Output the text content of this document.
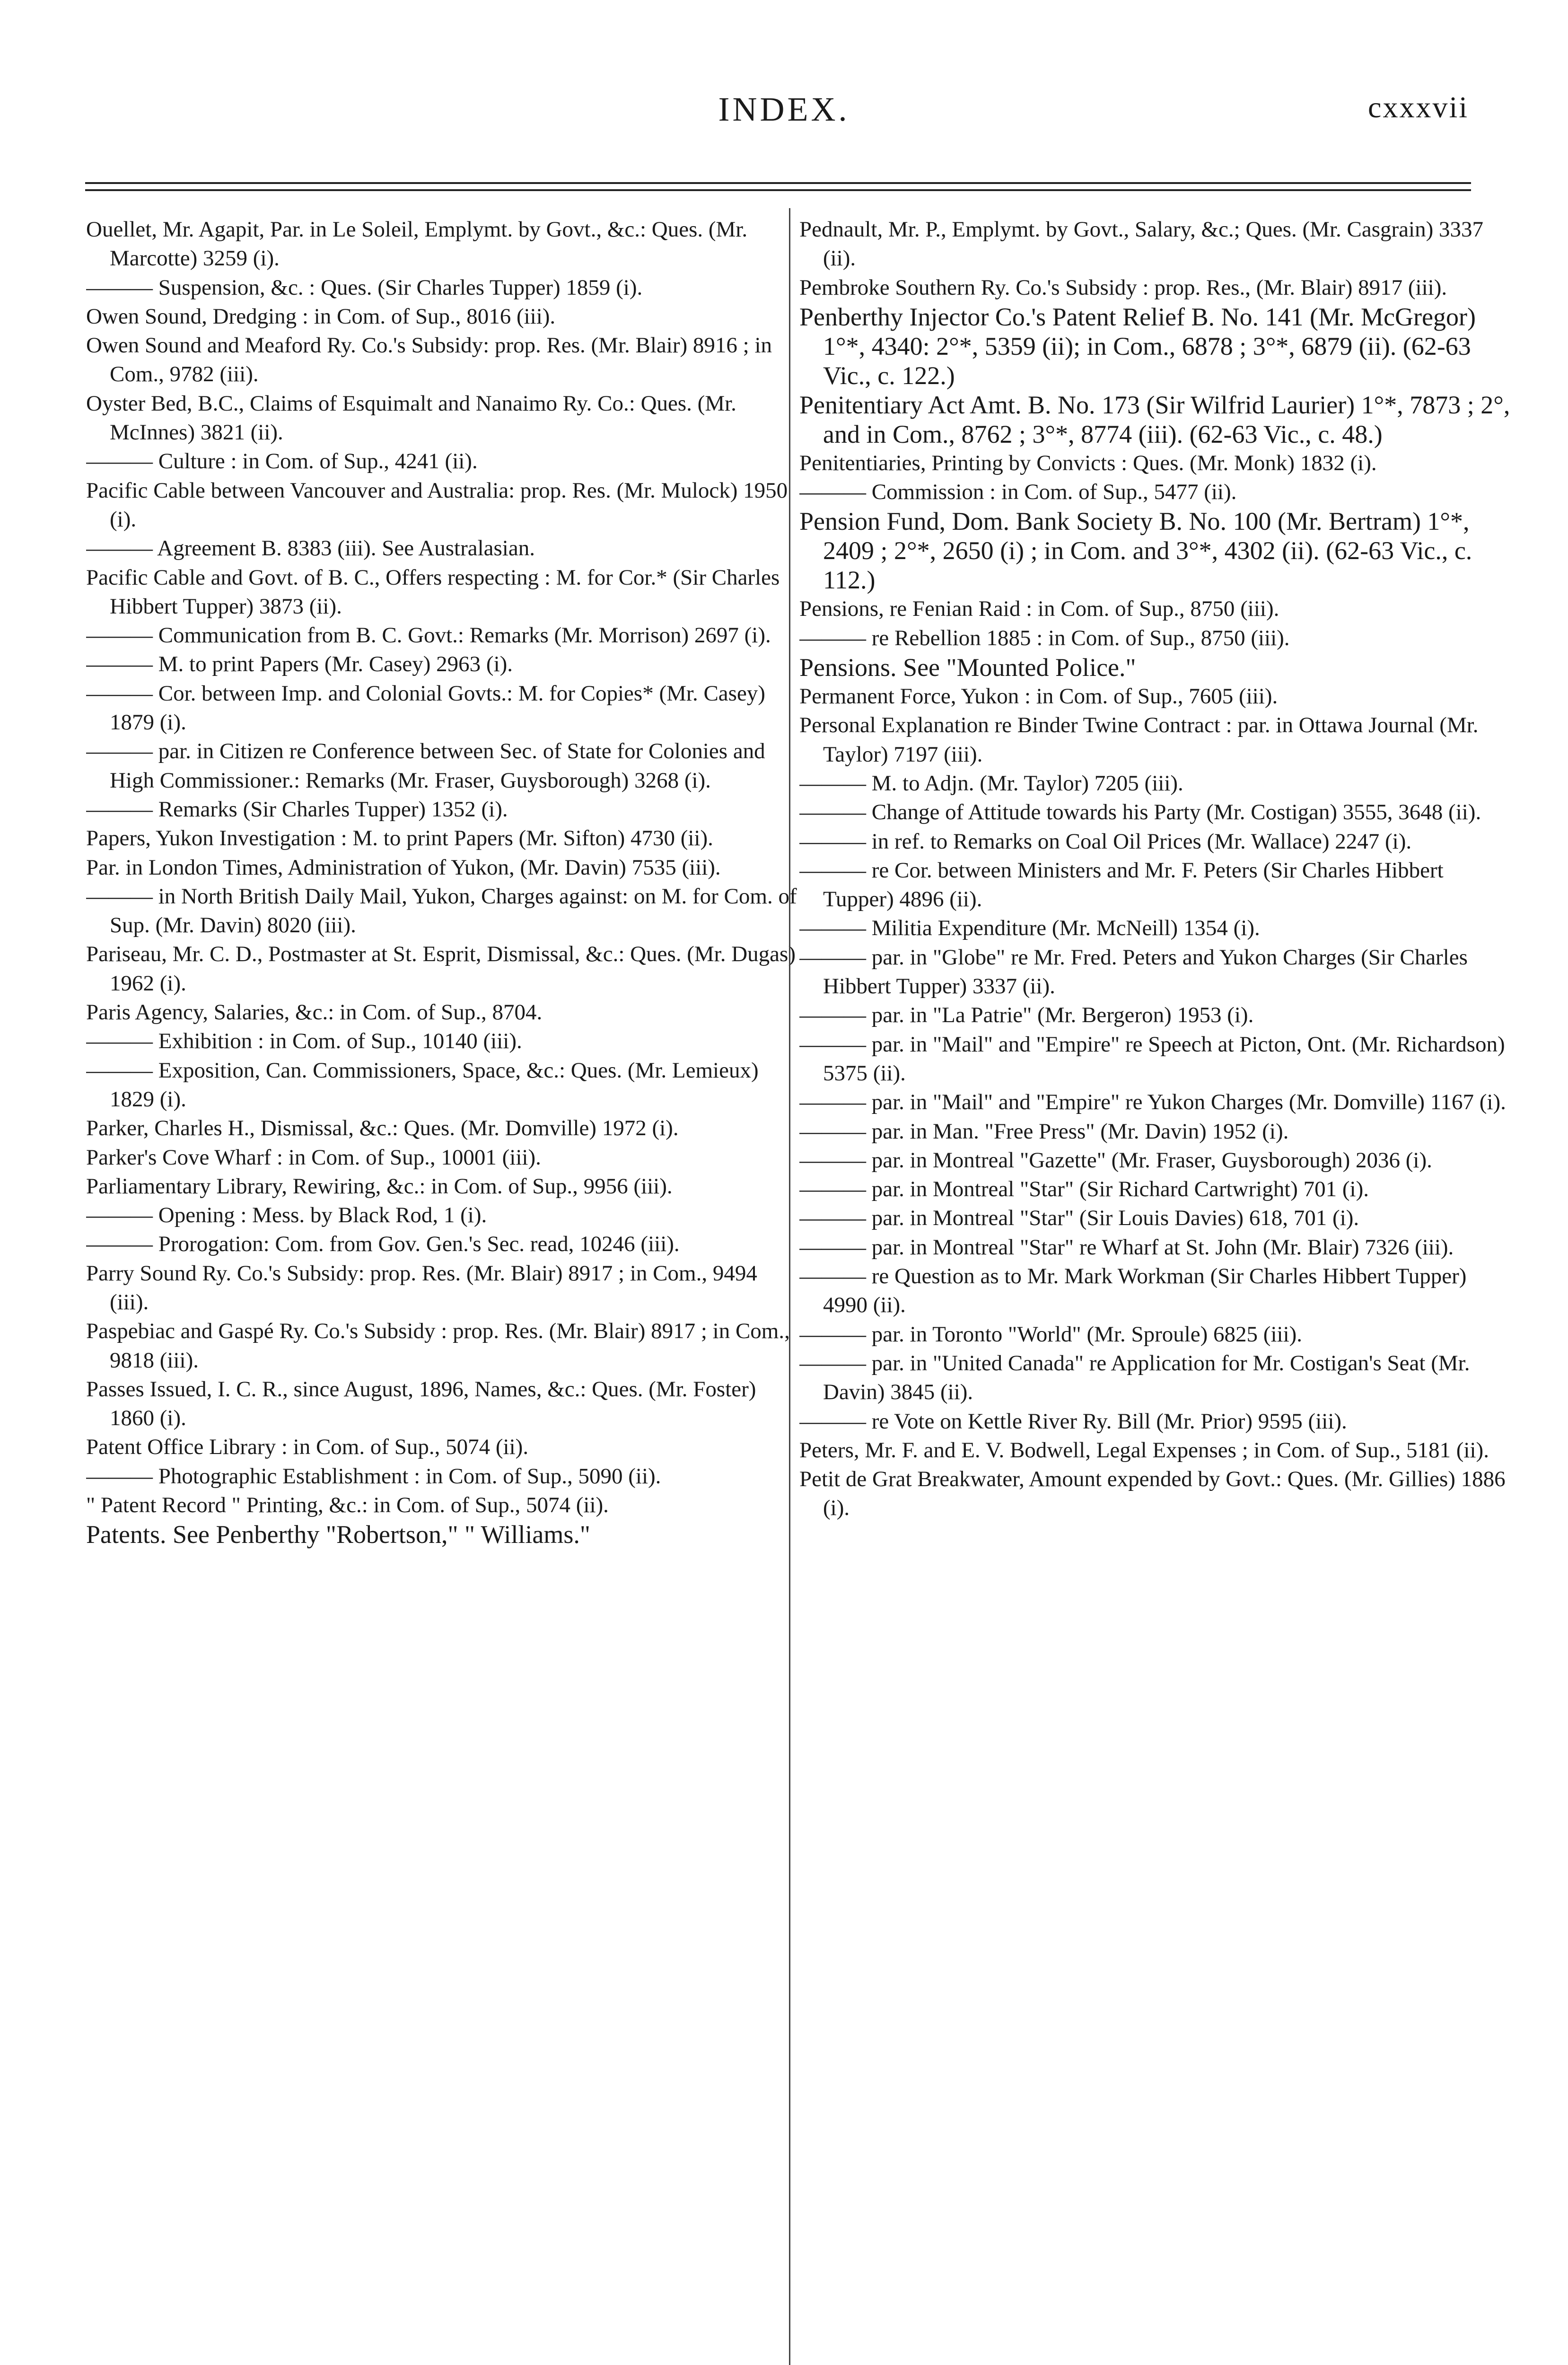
INDEX.	cxxxvii

Ouellet, Mr. Agapit, Par. in Le Soleil, Emplymt. by Govt., &c.: Ques. (Mr. Marcotte) 3259 (i).

——— Suspension, &c. : Ques. (Sir Charles Tupper) 1859 (i).

Owen Sound, Dredging : in Com. of Sup., 8016 (iii).

Owen Sound and Meaford Ry. Co.'s Subsidy: prop. Res. (Mr. Blair) 8916 ; in Com., 9782 (iii).

Oyster Bed, B.C., Claims of Esquimalt and Nanaimo Ry. Co.: Ques. (Mr. McInnes) 3821 (ii).

——— Culture : in Com. of Sup., 4241 (ii).

Pacific Cable between Vancouver and Australia: prop. Res. (Mr. Mulock) 1950 (i).

——— Agreement B. 8383 (iii). See Australasian.

Pacific Cable and Govt. of B. C., Offers respecting : M. for Cor.* (Sir Charles Hibbert Tupper) 3873 (ii).

——— Communication from B. C. Govt.: Remarks (Mr. Morrison) 2697 (i).

——— M. to print Papers (Mr. Casey) 2963 (i).

——— Cor. between Imp. and Colonial Govts.: M. for Copies* (Mr. Casey) 1879 (i).

——— par. in Citizen re Conference between Sec. of State for Colonies and High Commissioner.: Remarks (Mr. Fraser, Guysborough) 3268 (i).

——— Remarks (Sir Charles Tupper) 1352 (i).

Papers, Yukon Investigation : M. to print Papers (Mr. Sifton) 4730 (ii).

Par. in London Times, Administration of Yukon, (Mr. Davin) 7535 (iii).

——— in North British Daily Mail, Yukon, Charges against: on M. for Com. of Sup. (Mr. Davin) 8020 (iii).

Pariseau, Mr. C. D., Postmaster at St. Esprit, Dismissal, &c.: Ques. (Mr. Dugas) 1962 (i).

Paris Agency, Salaries, &c.: in Com. of Sup., 8704.

——— Exhibition : in Com. of Sup., 10140 (iii).

——— Exposition, Can. Commissioners, Space, &c.: Ques. (Mr. Lemieux) 1829 (i).

Parker, Charles H., Dismissal, &c.: Ques. (Mr. Domville) 1972 (i).

Parker's Cove Wharf : in Com. of Sup., 10001 (iii).

Parliamentary Library, Rewiring, &c.: in Com. of Sup., 9956 (iii).

——— Opening : Mess. by Black Rod, 1 (i).

——— Prorogation: Com. from Gov. Gen.'s Sec. read, 10246 (iii).

Parry Sound Ry. Co.'s Subsidy: prop. Res. (Mr. Blair) 8917 ; in Com., 9494 (iii).

Paspebiac and Gaspé Ry. Co.'s Subsidy : prop. Res. (Mr. Blair) 8917 ; in Com., 9818 (iii).

Passes Issued, I. C. R., since August, 1896, Names, &c.: Ques. (Mr. Foster) 1860 (i).

Patent Office Library : in Com. of Sup., 5074 (ii).

——— Photographic Establishment : in Com. of Sup., 5090 (ii).

" Patent Record " Printing, &c.: in Com. of Sup., 5074 (ii).

Patents. See Penberthy "Robertson," " Williams."

Pednault, Mr. P., Emplymt. by Govt., Salary, &c.; Ques. (Mr. Casgrain) 3337 (ii).

Pembroke Southern Ry. Co.'s Subsidy : prop. Res., (Mr. Blair) 8917 (iii).

Penberthy Injector Co.'s Patent Relief B. No. 141 (Mr. McGregor) 1°*, 4340: 2°*, 5359 (ii); in Com., 6878 ; 3°*, 6879 (ii). (62-63 Vic., c. 122.)

Penitentiary Act Amt. B. No. 173 (Sir Wilfrid Laurier) 1°*, 7873 ; 2°, and in Com., 8762 ; 3°*, 8774 (iii). (62-63 Vic., c. 48.)

Penitentiaries, Printing by Convicts : Ques. (Mr. Monk) 1832 (i).

——— Commission : in Com. of Sup., 5477 (ii).

Pension Fund, Dom. Bank Society B. No. 100 (Mr. Bertram) 1°*, 2409 ; 2°*, 2650 (i) ; in Com. and 3°*, 4302 (ii). (62-63 Vic., c. 112.)

Pensions, re Fenian Raid : in Com. of Sup., 8750 (iii).

——— re Rebellion 1885 : in Com. of Sup., 8750 (iii).

Pensions. See "Mounted Police."

Permanent Force, Yukon : in Com. of Sup., 7605 (iii).

Personal Explanation re Binder Twine Contract : par. in Ottawa Journal (Mr. Taylor) 7197 (iii).

——— M. to Adjn. (Mr. Taylor) 7205 (iii).

——— Change of Attitude towards his Party (Mr. Costigan) 3555, 3648 (ii).

——— in ref. to Remarks on Coal Oil Prices (Mr. Wallace) 2247 (i).

——— re Cor. between Ministers and Mr. F. Peters (Sir Charles Hibbert Tupper) 4896 (ii).

——— Militia Expenditure (Mr. McNeill) 1354 (i).

——— par. in "Globe" re Mr. Fred. Peters and Yukon Charges (Sir Charles Hibbert Tupper) 3337 (ii).

——— par. in "La Patrie" (Mr. Bergeron) 1953 (i).

——— par. in "Mail" and "Empire" re Speech at Picton, Ont. (Mr. Richardson) 5375 (ii).

——— par. in "Mail" and "Empire" re Yukon Charges (Mr. Domville) 1167 (i).

——— par. in Man. "Free Press" (Mr. Davin) 1952 (i).

——— par. in Montreal "Gazette" (Mr. Fraser, Guysborough) 2036 (i).

——— par. in Montreal "Star" (Sir Richard Cartwright) 701 (i).

——— par. in Montreal "Star" (Sir Louis Davies) 618, 701 (i).

——— par. in Montreal "Star" re Wharf at St. John (Mr. Blair) 7326 (iii).

——— re Question as to Mr. Mark Workman (Sir Charles Hibbert Tupper) 4990 (ii).

——— par. in Toronto "World" (Mr. Sproule) 6825 (iii).

——— par. in "United Canada" re Application for Mr. Costigan's Seat (Mr. Davin) 3845 (ii).

——— re Vote on Kettle River Ry. Bill (Mr. Prior) 9595 (iii).

Peters, Mr. F. and E. V. Bodwell, Legal Expenses ; in Com. of Sup., 5181 (ii).

Petit de Grat Breakwater, Amount expended by Govt.: Ques. (Mr. Gillies) 1886 (i).
